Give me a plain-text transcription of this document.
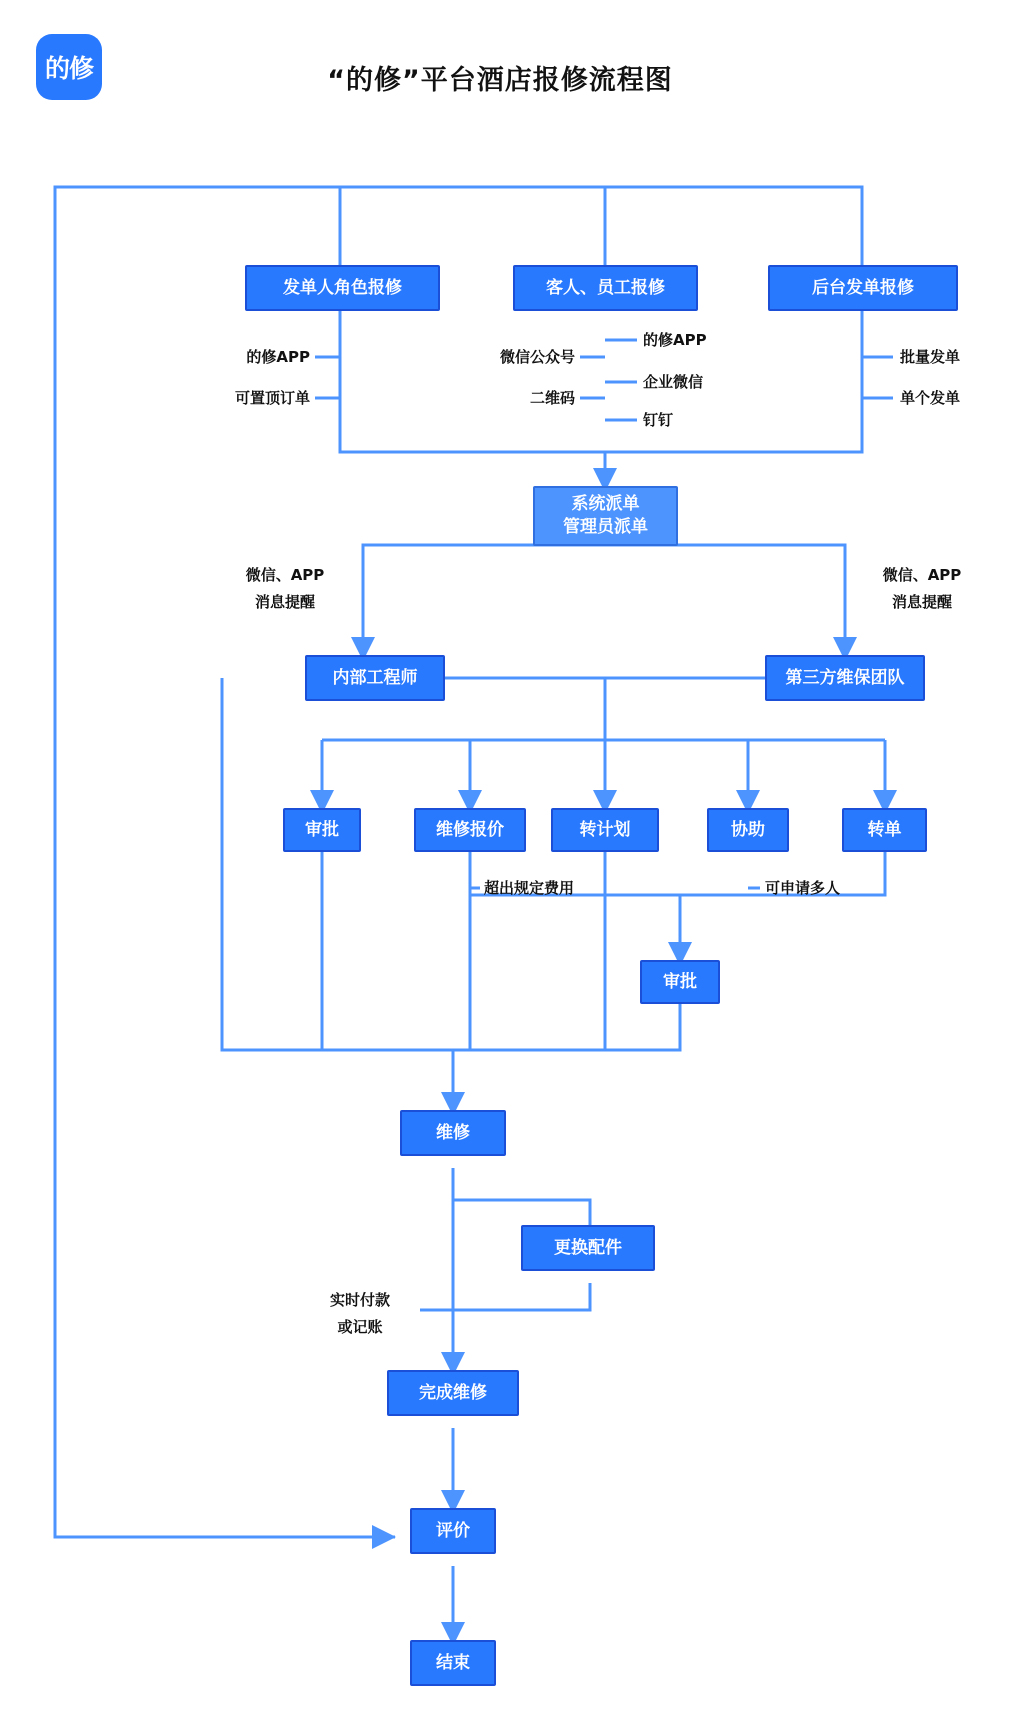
的修	“的修”平台酒店报修流程图
发单人角色报修	客人、员工报修	后台发单报修
系统派单
管理员派单
内部工程师	第三方维保团队
审批	维修报价	转计划	协助	转单
审批
维修
更换配件
完成维修
评价
结束
的修APP
可置顶订单
微信公众号
二维码
的修APP
企业微信
钉钉
批量发单
单个发单
微信、APP
消息提醒
微信、APP
消息提醒
超出规定费用	可申请多人
实时付款
或记账
